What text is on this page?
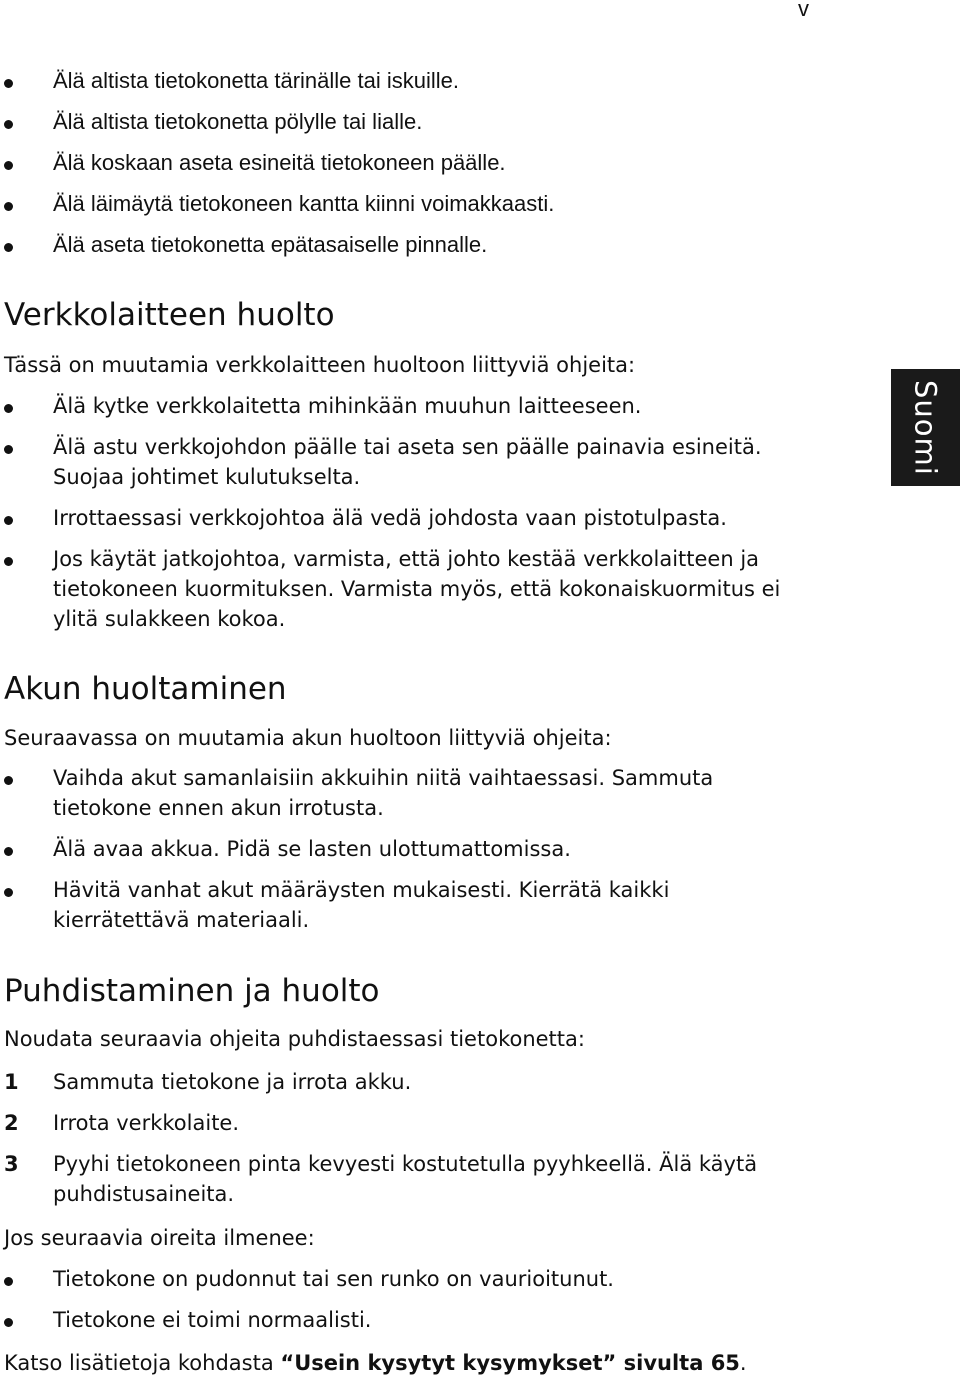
v
Suomi
Älä altista tietokonetta tärinälle tai iskuille.
Älä altista tietokonetta pölylle tai lialle.
Älä koskaan aseta esineitä tietokoneen päälle.
Älä läimäytä tietokoneen kantta kiinni voimakkaasti.
Älä aseta tietokonetta epätasaiselle pinnalle.
Verkkolaitteen huolto
Tässä on muutamia verkkolaitteen huoltoon liittyviä ohjeita:
Älä kytke verkkolaitetta mihinkään muuhun laitteeseen.
Älä astu verkkojohdon päälle tai aseta sen päälle painavia esineitä. Suojaa johtimet kulutukselta.
Irrottaessasi verkkojohtoa älä vedä johdosta vaan pistotulpasta.
Jos käytät jatkojohtoa, varmista, että johto kestää verkkolaitteen ja tietokoneen kuormituksen. Varmista myös, että kokonaiskuormitus ei ylitä sulakkeen kokoa.
Akun huoltaminen
Seuraavassa on muutamia akun huoltoon liittyviä ohjeita:
Vaihda akut samanlaisiin akkuihin niitä vaihtaessasi. Sammuta tietokone ennen akun irrotusta.
Älä avaa akkua. Pidä se lasten ulottumattomissa.
Hävitä vanhat akut määräysten mukaisesti. Kierrätä kaikki kierrätettävä materiaali.
Puhdistaminen ja huolto
Noudata seuraavia ohjeita puhdistaessasi tietokonetta:
1	Sammuta tietokone ja irrota akku.
2	Irrota verkkolaite.
3	Pyyhi tietokoneen pinta kevyesti kostutetulla pyyhkeellä. Älä käytä puhdistusaineita.
Jos seuraavia oireita ilmenee:
Tietokone on pudonnut tai sen runko on vaurioitunut.
Tietokone ei toimi normaalisti.
Katso lisätietoja kohdasta “Usein kysytyt kysymykset” sivulta 65.
